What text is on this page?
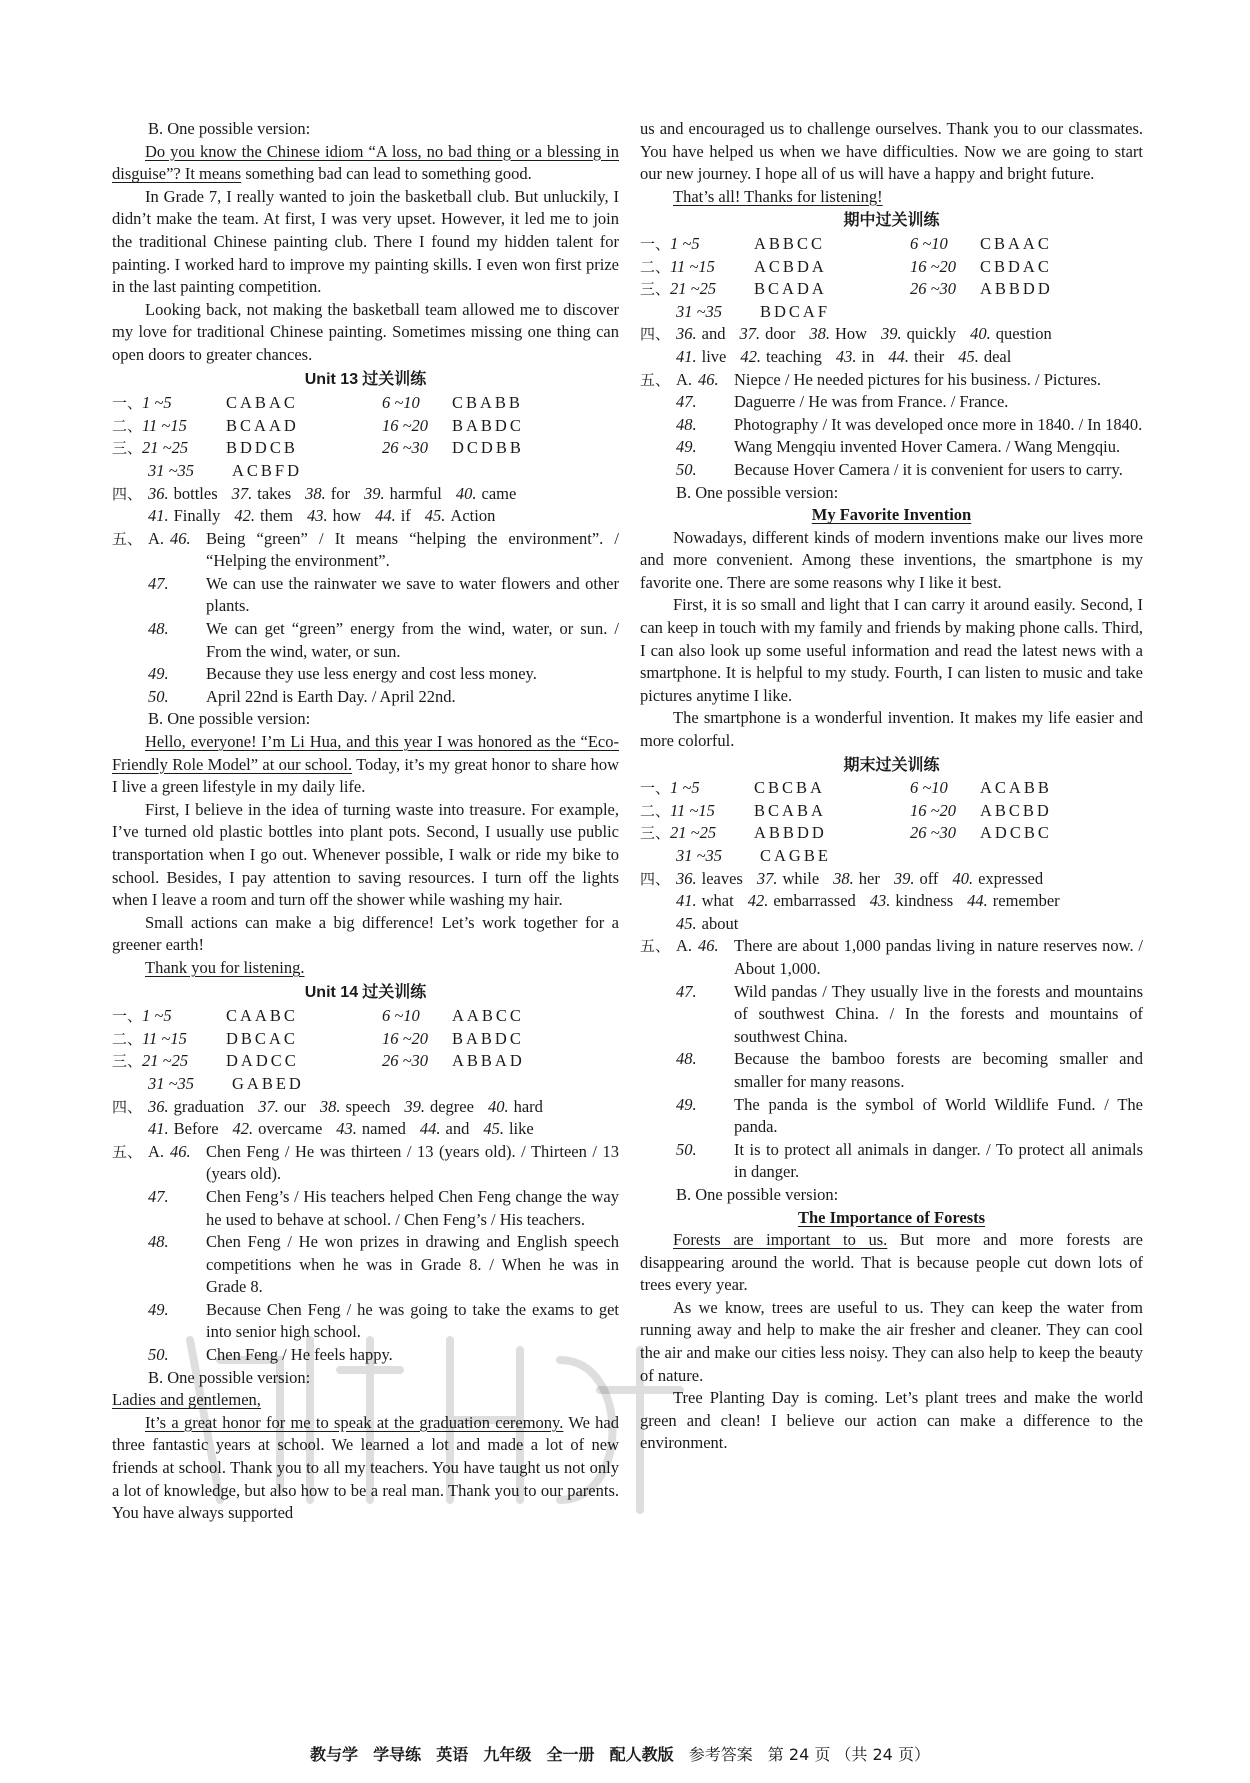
B. One possible version:

Do you know the Chinese idiom “A loss, no bad thing or a blessing in disguise”? It means something bad can lead to something good.

In Grade 7, I really wanted to join the basketball club. But unluckily, I didn’t make the team. At first, I was very upset. However, it led me to join the traditional Chinese painting club. There I found my hidden talent for painting. I worked hard to improve my painting skills. I even won first prize in the last painting competition.

Looking back, not making the basketball team allowed me to discover my love for traditional Chinese painting. Sometimes missing one thing can open doors to greater chances.

Unit 13 过关训练
一、 1 ~5	CABAC	6 ~10	CBABB
二、 11 ~15	BCAAD	16 ~20	BABDC
三、 21 ~25	BDDCB	26 ~30	DCDBB
31 ~35 ACBFD
四、 36. bottles 37. takes 38. for 39. harmful 40. came
41. Finally 42. them 43. how 44. if 45. Action
五、 A. 46. Being “green” / It means “helping the environment”. / “Helping the environment”.
47.	We can use the rainwater we save to water flowers and other plants.
48.	We can get “green” energy from the wind, water, or sun. / From the wind, water, or sun.
49.	Because they use less energy and cost less money.
50.	April 22nd is Earth Day. / April 22nd.

B. One possible version:

Hello, everyone! I’m Li Hua, and this year I was honored as the “Eco-Friendly Role Model” at our school. Today, it’s my great honor to share how I live a green lifestyle in my daily life.

First, I believe in the idea of turning waste into treasure. For example, I’ve turned old plastic bottles into plant pots. Second, I usually use public transportation when I go out. Whenever possible, I walk or ride my bike to school. Besides, I pay attention to saving resources. I turn off the lights when I leave a room and turn off the shower while washing my hair.

Small actions can make a big difference! Let’s work together for a greener earth!

Thank you for listening.

Unit 14 过关训练
一、 1 ~5	CAABC	6 ~10	AABCC
二、 11 ~15	DBCAC	16 ~20	BABDC
三、 21 ~25	DADCC	26 ~30	ABBAD
31 ~35 GABED
四、 36. graduation 37. our 38. speech 39. degree 40. hard
41. Before 42. overcame 43. named 44. and 45. like
五、 A. 46. Chen Feng / He was thirteen / 13 (years old). / Thirteen / 13 (years old).
47.	Chen Feng’s / His teachers helped Chen Feng change the way he used to behave at school. / Chen Feng’s / His teachers.
48.	Chen Feng / He won prizes in drawing and English speech competitions when he was in Grade 8. / When he was in Grade 8.
49.	Because Chen Feng / he was going to take the exams to get into senior high school.
50.	Chen Feng / He feels happy.

B. One possible version:

Ladies and gentlemen,

It’s a great honor for me to speak at the graduation ceremony. We had three fantastic years at school. We learned a lot and made a lot of new friends at school. Thank you to all my teachers. You have taught us not only a lot of knowledge, but also how to be a real man. Thank you to our parents. You have always supported

us and encouraged us to challenge ourselves. Thank you to our classmates. You have helped us when we have difficulties. Now we are going to start our new journey. I hope all of us will have a happy and bright future.

That’s all! Thanks for listening!

期中过关训练
一、 1 ~5	ABBCC	6 ~10	CBAAC
二、 11 ~15	ACBDA	16 ~20	CBDAC
三、 21 ~25	BCADA	26 ~30	ABBDD
31 ~35 BDCAF
四、 36. and 37. door 38. How 39. quickly 40. question
41. live 42. teaching 43. in 44. their 45. deal
五、 A. 46. Niepce / He needed pictures for his business. / Pictures.
47.	Daguerre / He was from France. / France.
48.	Photography / It was developed once more in 1840. / In 1840.
49.	Wang Mengqiu invented Hover Camera. / Wang Mengqiu.
50.	Because Hover Camera / it is convenient for users to carry.

B. One possible version:

My Favorite Invention

Nowadays, different kinds of modern inventions make our lives more and more convenient. Among these inventions, the smartphone is my favorite one. There are some reasons why I like it best.

First, it is so small and light that I can carry it around easily. Second, I can keep in touch with my family and friends by making phone calls. Third, I can also look up some useful information and read the latest news with a smartphone. It is helpful to my study. Fourth, I can listen to music and take pictures anytime I like.

The smartphone is a wonderful invention. It makes my life easier and more colorful.

期末过关训练
一、 1 ~5	CBCBA	6 ~10	ACABB
二、 11 ~15	BCABA	16 ~20	ABCBD
三、 21 ~25	ABBDD	26 ~30	ADCBC
31 ~35 CAGBE
四、 36. leaves 37. while 38. her 39. off 40. expressed
41. what 42. embarrassed 43. kindness 44. remember
45. about
五、 A. 46. There are about 1,000 pandas living in nature reserves now. / About 1,000.
47.	Wild pandas / They usually live in the forests and mountains of southwest China. / In the forests and mountains of southwest China.
48.	Because the bamboo forests are becoming smaller and smaller for many reasons.
49.	The panda is the symbol of World Wildlife Fund. / The panda.
50.	It is to protect all animals in danger. / To protect all animals in danger.

B. One possible version:

The Importance of Forests

Forests are important to us. But more and more forests are disappearing around the world. That is because people cut down lots of trees every year.

As we know, trees are useful to us. They can keep the water from running away and help to make the air fresher and cleaner. They can cool the air and make our cities less noisy. They can also help to keep the beauty of nature.

Tree Planting Day is coming. Let’s plant trees and make the world green and clean! I believe our action can make a difference to the environment.

教与学 学导练 英语 九年级 全一册 配人教版 参考答案 第 24 页 （共 24 页）
